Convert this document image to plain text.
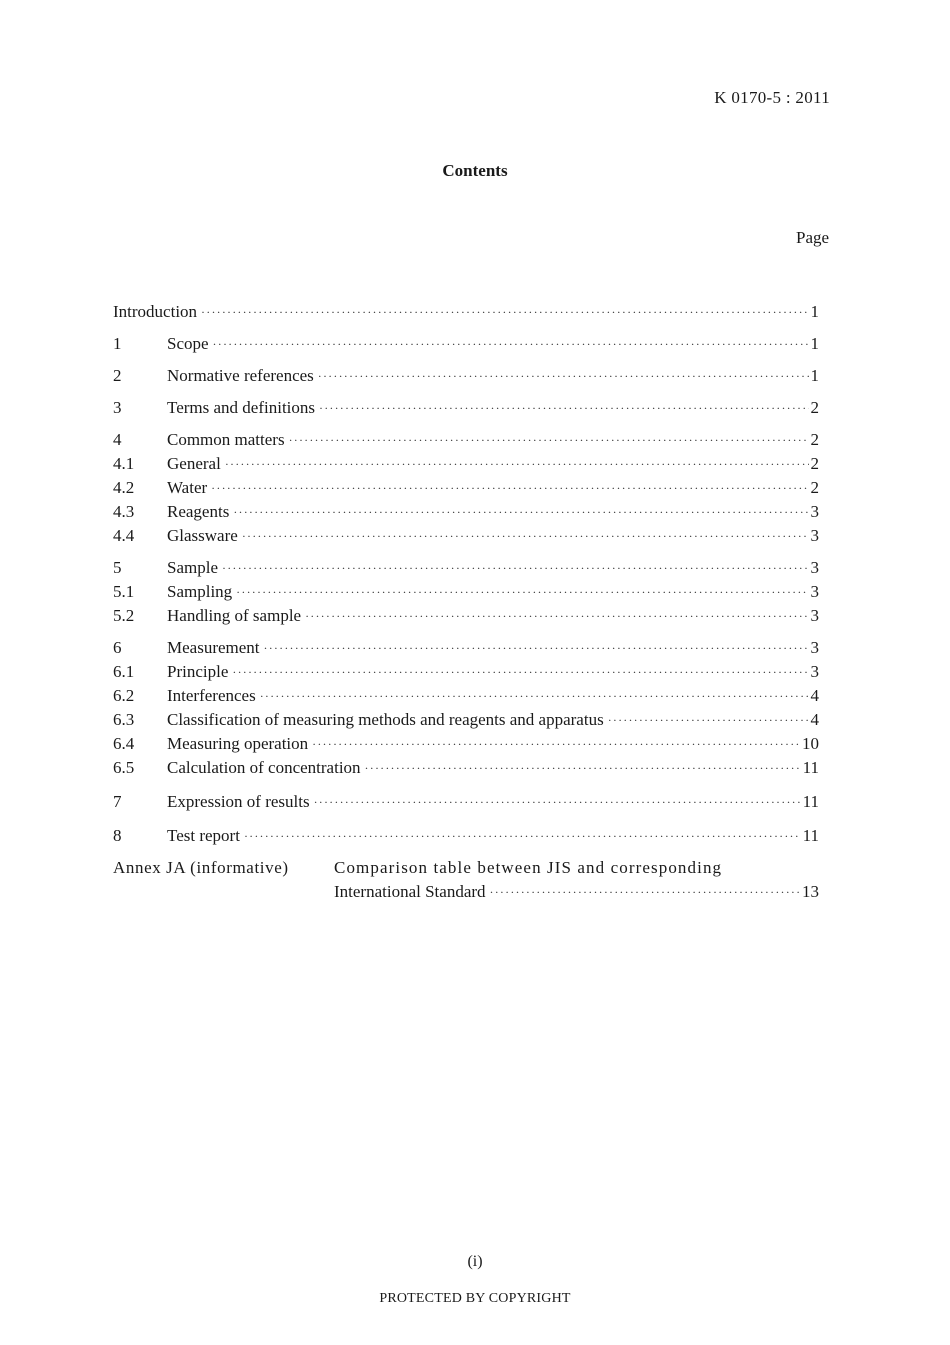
K 0170-5 : 2011
Contents
Page
Introduction ·····	1
1	Scope ·····	1
2	Normative references ·····	1
3	Terms and definitions ·····	2
4	Common matters ·····	2
4.1	General ·····	2
4.2	Water ·····	2
4.3	Reagents ·····	3
4.4	Glassware ·····	3
5	Sample ·····	3
5.1	Sampling ·····	3
5.2	Handling of sample ·····	3
6	Measurement ·····	3
6.1	Principle ·····	3
6.2	Interferences ·····	4
6.3	Classification of measuring methods and reagents and apparatus ·····	4
6.4	Measuring operation ·····	10
6.5	Calculation of concentration ·····	11
7	Expression of results ·····	11
8	Test report ·····	11
Annex JA (informative)	Comparison table between JIS and corresponding
International Standard ·····	13
(i)
PROTECTED BY COPYRIGHT
